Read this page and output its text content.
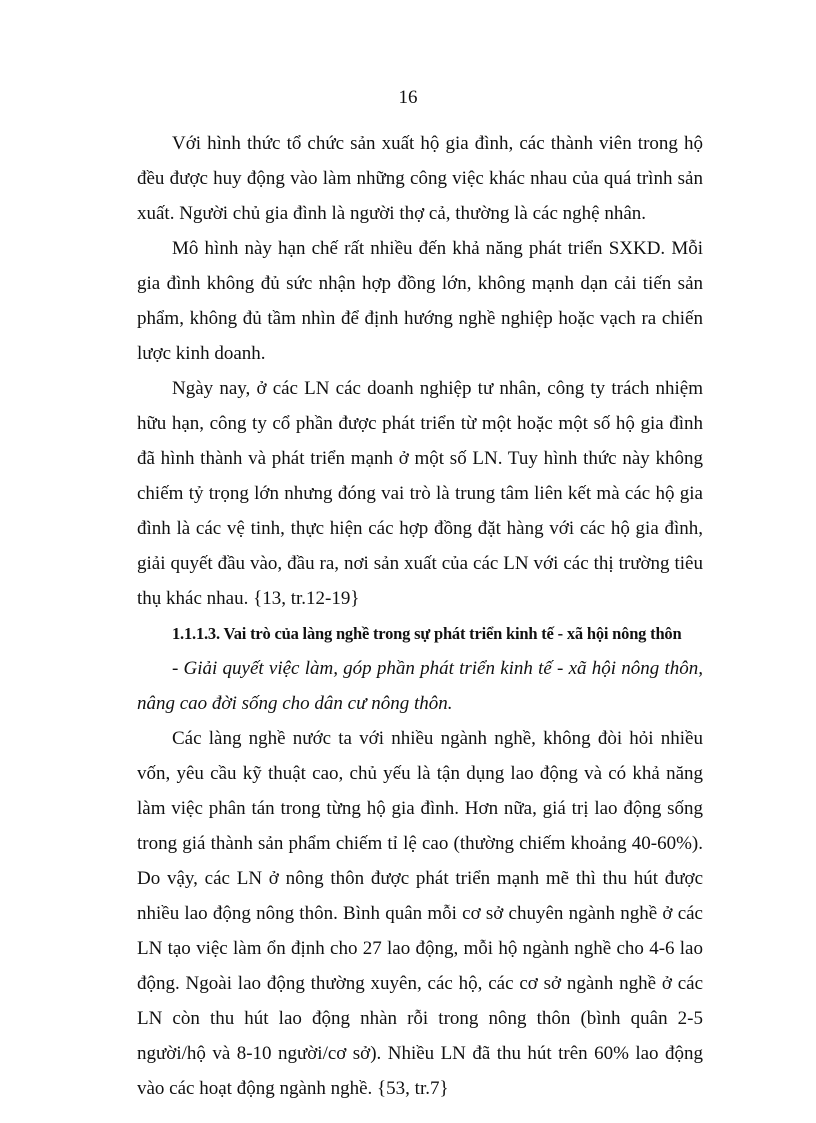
16

Với hình thức tổ chức sản xuất hộ gia đình, các thành viên trong hộ đều được huy động vào làm những công việc khác nhau của quá trình sản xuất. Người chủ gia đình là người thợ cả, thường là các nghệ nhân.

Mô hình này hạn chế rất nhiều đến khả năng phát triển SXKD. Mỗi gia đình không đủ sức nhận hợp đồng lớn, không mạnh dạn cải tiến sản phẩm, không đủ tầm nhìn để định hướng nghề nghiệp hoặc vạch ra chiến lược kinh doanh.

Ngày nay, ở các LN các doanh nghiệp tư nhân, công ty trách nhiệm hữu hạn, công ty cổ phần được phát triển từ một hoặc một số hộ gia đình đã hình thành và phát triển mạnh ở một số LN. Tuy hình thức này không chiếm tỷ trọng lớn nhưng đóng vai trò là trung tâm liên kết mà các hộ gia đình là các vệ tinh, thực hiện các hợp đồng đặt hàng với các hộ gia đình, giải quyết đầu vào, đầu ra, nơi sản xuất của các LN với các thị trường tiêu thụ khác nhau. {13, tr.12-19}

1.1.1.3. Vai trò của làng nghề trong sự phát triển kinh tế - xã hội nông thôn

- Giải quyết việc làm, góp phần phát triển kinh tế - xã hội nông thôn, nâng cao đời sống cho dân cư nông thôn.

Các làng nghề nước ta với nhiều ngành nghề, không đòi hỏi nhiều vốn, yêu cầu kỹ thuật cao, chủ yếu là tận dụng lao động và có khả năng làm việc phân tán trong từng hộ gia đình. Hơn nữa, giá trị lao động sống trong giá thành sản phẩm chiếm tỉ lệ cao (thường chiếm khoảng 40-60%). Do vậy, các LN ở nông thôn được phát triển mạnh mẽ thì thu hút được nhiều lao động nông thôn. Bình quân mỗi cơ sở chuyên ngành nghề ở các LN tạo việc làm ổn định cho 27 lao động, mỗi hộ ngành nghề cho 4-6 lao động. Ngoài lao động thường xuyên, các hộ, các cơ sở ngành nghề ở các LN còn thu hút lao động nhàn rỗi trong nông thôn (bình quân 2-5 người/hộ và 8-10 người/cơ sở). Nhiều LN đã thu hút trên 60% lao động vào các hoạt động ngành nghề. {53, tr.7}
